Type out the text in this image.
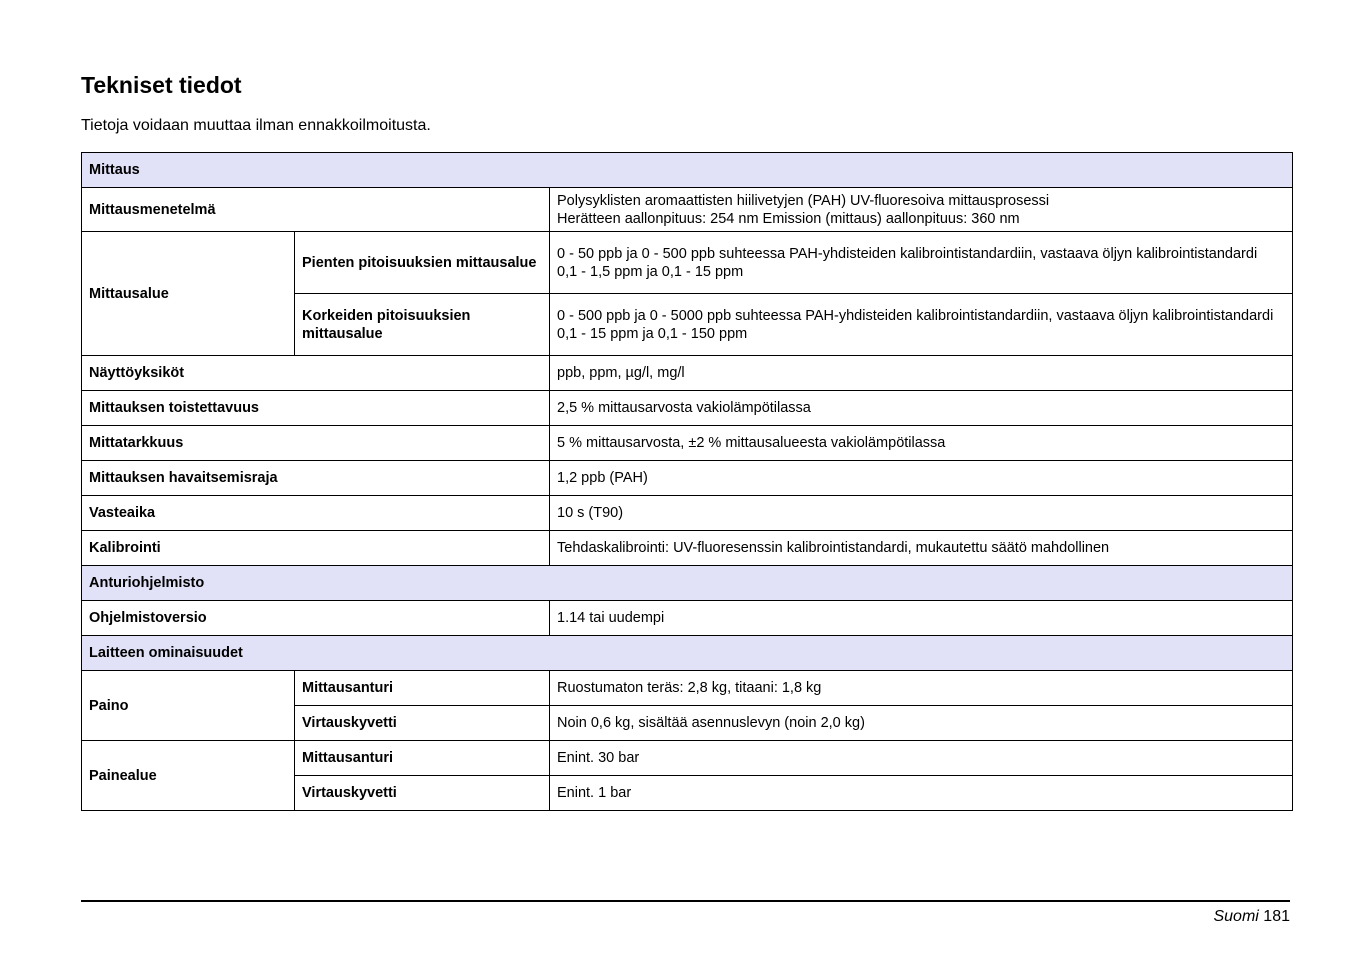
Tekniset tiedot

Tietoja voidaan muuttaa ilman ennakkoilmoitusta.

Mittaus		
Mittausmenetelmä		Polysyklisten aromaattisten hiilivetyjen (PAH) UV-fluoresoiva mittausprosessi
Herätteen aallonpituus: 254 nm Emission (mittaus) aallonpituus: 360 nm

Mittausalue	Pienten pitoisuuksien mittausalue	0 - 50 ppb ja 0 - 500 ppb suhteessa PAH-yhdisteiden kalibrointistandardiin, vastaava öljyn kalibrointistandardi
0,1 - 1,5 ppm ja 0,1 - 15 ppm

	Korkeiden pitoisuuksien mittausalue	0 - 500 ppb ja 0 - 5000 ppb suhteessa PAH-yhdisteiden kalibrointistandardiin, vastaava öljyn kalibrointistandardi
0,1 - 15 ppm ja 0,1 - 150 ppm

Näyttöyksiköt		ppb, ppm, µg/l, mg/l
Mittauksen toistettavuus		2,5 % mittausarvosta vakiolämpötilassa
Mittatarkkuus		5 % mittausarvosta, ±2 % mittausalueesta vakiolämpötilassa
Mittauksen havaitsemisraja		1,2 ppb (PAH)
Vasteaika		10 s (T90)
Kalibrointi		Tehdaskalibrointi: UV-fluoresenssin kalibrointistandardi, mukautettu säätö mahdollinen
Anturiohjelmisto		
Ohjelmistoversio		1.14 tai uudempi
Laitteen ominaisuudet		
Paino	Mittausanturi	Ruostumaton teräs: 2,8 kg, titaani: 1,8 kg
	Virtauskyvetti	Noin 0,6 kg, sisältää asennuslevyn (noin 2,0 kg)
Painealue	Mittausanturi	Enint. 30 bar
	Virtauskyvetti	Enint. 1 bar
Suomi 181
